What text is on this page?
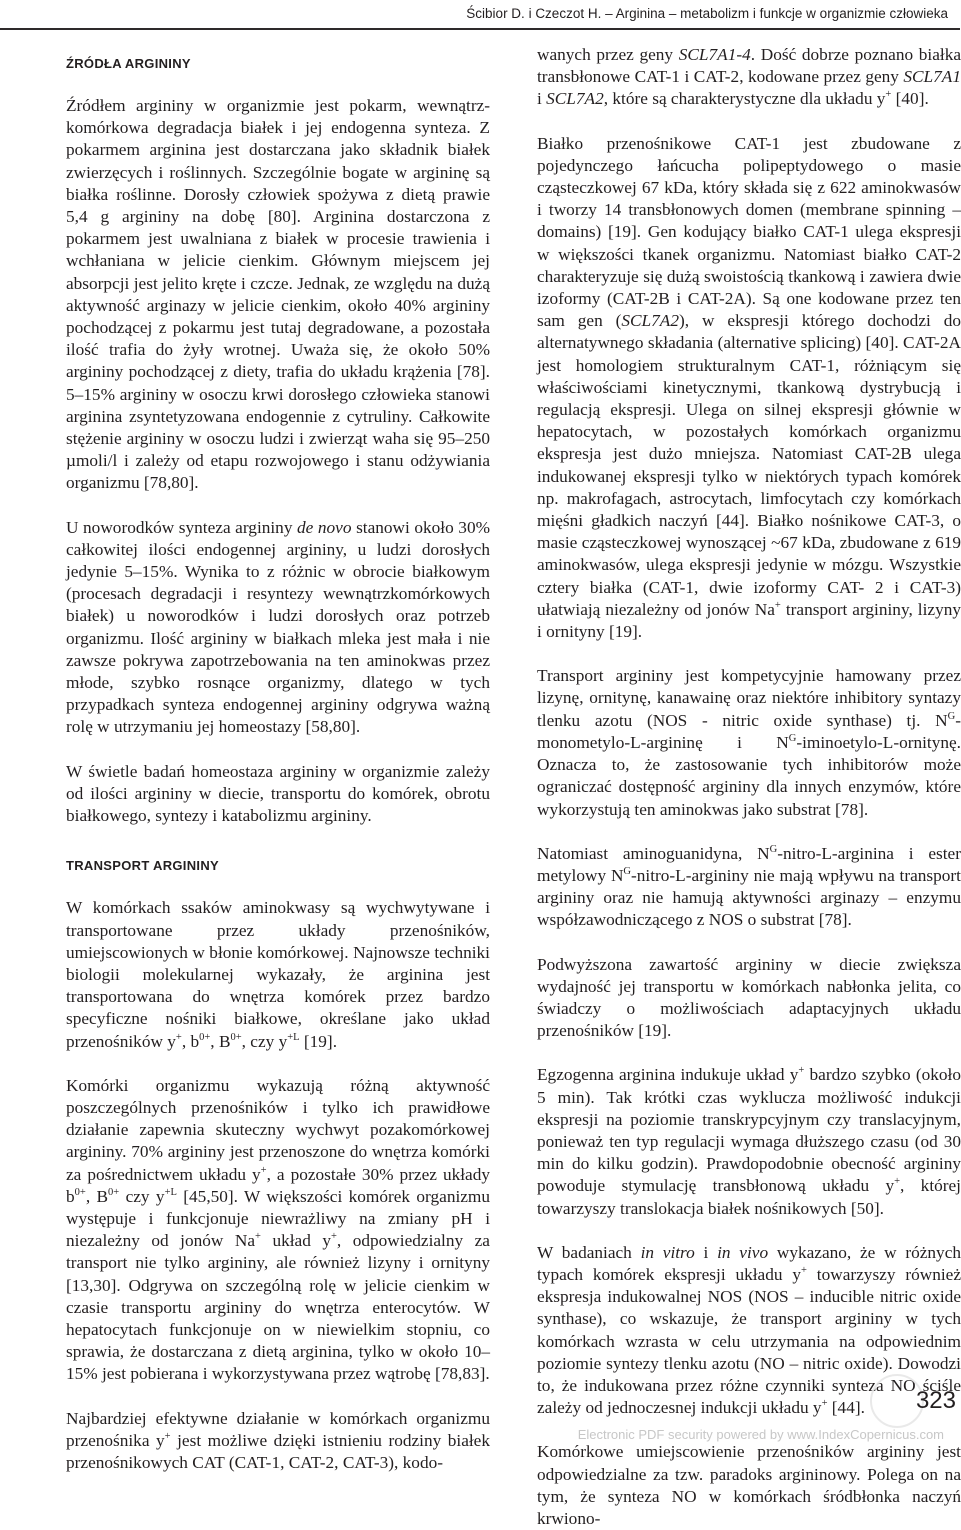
Ścibior D. i Czeczot H. – Arginina – metabolizm i funkcje w organizmie człowieka
ŹRÓDŁA ARGININY

Źródłem argininy w organizmie jest pokarm, wewnątrz-komórkowa degradacja białek i jej endogenna synteza. Z pokarmem arginina jest dostarczana jako składnik białek zwierzęcych i roślinnych. Szczególnie bogate w argininę są białka roślinne. Dorosły człowiek spożywa z dietą prawie 5,4 g argininy na dobę [80]. Arginina dostarczona z pokarmem jest uwalniana z białek w procesie trawienia i wchłaniana w jelicie cienkim. Głównym miejscem jej absorpcji jest jelito kręte i czcze. Jednak, ze względu na dużą aktywność arginazy w jelicie cienkim, około 40% argininy pochodzącej z pokarmu jest tutaj degradowane, a pozostała ilość trafia do żyły wrotnej. Uważa się, że około 50% argininy pochodzącej z diety, trafia do układu krążenia [78]. 5–15% argininy w osoczu krwi dorosłego człowieka stanowi arginina zsyntetyzowana endogennie z cytruliny. Całkowite stężenie argininy w osoczu ludzi i zwierząt waha się 95–250 µmoli/l i zależy od etapu rozwojowego i stanu odżywiania organizmu [78,80].

U noworodków synteza argininy de novo stanowi około 30% całkowitej ilości endogennej argininy, u ludzi dorosłych jedynie 5–15%. Wynika to z różnic w obrocie białkowym (procesach degradacji i resyntezy wewnątrzkomórkowych białek) u noworodków i ludzi dorosłych oraz potrzeb organizmu. Ilość argininy w białkach mleka jest mała i nie zawsze pokrywa zapotrzebowania na ten aminokwas przez młode, szybko rosnące organizmy, dlatego w tych przypadkach synteza endogennej argininy odgrywa ważną rolę w utrzymaniu jej homeostazy [58,80].

W świetle badań homeostaza argininy w organizmie zależy od ilości argininy w diecie, transportu do komórek, obrotu białkowego, syntezy i katabolizmu argininy.

TRANSPORT ARGININY

W komórkach ssaków aminokwasy są wychwytywane i transportowane przez układy przenośników, umiejscowionych w błonie komórkowej. Najnowsze techniki biologii molekularnej wykazały, że arginina jest transportowana do wnętrza komórek przez bardzo specyficzne nośniki białkowe, określane jako układ przenośników y+, $b^{0+}$, $B^{0+}$, czy $y^{+L}$ [19].

Komórki organizmu wykazują różną aktywność poszczególnych przenośników i tylko ich prawidłowe działanie zapewnia skuteczny wychwyt pozakomórkowej argininy. 70% argininy jest przenoszone do wnętrza komórki za pośrednictwem układu y+, a pozostałe 30% przez układy $b^{0+}$, $B^{0+}$ czy $y^{+L}$ [45,50]. W większości komórek organizmu występuje i funkcjonuje niewrażliwy na zmiany pH i niezależny od jonów Na+ układ y+, odpowiedzialny za transport nie tylko argininy, ale również lizyny i ornityny [13,30]. Odgrywa on szczególną rolę w jelicie cienkim w czasie transportu argininy do wnętrza enterocytów. W hepatocytach funkcjonuje on w niewielkim stopniu, co sprawia, że dostarczana z dietą arginina, tylko w około 10–15% jest pobierana i wykorzystywana przez wątrobę [78,83].

Najbardziej efektywne działanie w komórkach organizmu przenośnika y+ jest możliwe dzięki istnieniu rodziny białek przenośnikowych CAT (CAT-1, CAT-2, CAT-3), kodo-

wanych przez geny SCL7A1-4. Dość dobrze poznano białka transbłonowe CAT-1 i CAT-2, kodowane przez geny SCL7A1 i SCL7A2, które są charakterystyczne dla układu y+ [40].

Białko przenośnikowe CAT-1 jest zbudowane z pojedynczego łańcucha polipeptydowego o masie cząsteczkowej 67 kDa, który składa się z 622 aminokwasów i tworzy 14 transbłonowych domen (membrane spinning – domains) [19]. Gen kodujący białko CAT-1 ulega ekspresji w większości tkanek organizmu. Natomiast białko CAT-2 charakteryzuje się dużą swoistością tkankową i zawiera dwie izoformy (CAT-2B i CAT-2A). Są one kodowane przez ten sam gen (SCL7A2), w ekspresji którego dochodzi do alternatywnego składania (alternative splicing) [40]. CAT-2A jest homologiem strukturalnym CAT-1, różniącym się właściwościami kinetycznymi, tkankową dystrybucją i regulacją ekspresji. Ulega on silnej ekspresji głównie w hepatocytach, w pozostałych komórkach organizmu ekspresja jest dużo mniejsza. Natomiast CAT-2B ulega indukowanej ekspresji tylko w niektórych typach komórek np. makrofagach, astrocytach, limfocytach czy komórkach mięśni gładkich naczyń [44]. Białko nośnikowe CAT-3, o masie cząsteczkowej wynoszącej ~67 kDa, zbudowane z 619 aminokwasów, ulega ekspresji jedynie w mózgu. Wszystkie cztery białka (CAT-1, dwie izoformy CAT- 2 i CAT-3) ułatwiają niezależny od jonów Na+ transport argininy, lizyny i ornityny [19].

Transport argininy jest kompetycyjnie hamowany przez lizynę, ornitynę, kanawainę oraz niektóre inhibitory syntazy tlenku azotu (NOS - nitric oxide synthase) tj. $N^G-monometylo-L$-argininę i $N^G-iminoetylo-L$-ornitynę. Oznacza to, że zastosowanie tych inhibitorów może ograniczać dostępność argininy dla innych enzymów, które wykorzystują ten aminokwas jako substrat [78].

Natomiast aminoguanidyna, $N^G-nitro-L$-arginina i ester metylowy $N^G-nitro-L$-argininy nie mają wpływu na transport argininy oraz nie hamują aktywności arginazy – enzymu współzawodniczącego z NOS o substrat [78].

Podwyższona zawartość argininy w diecie zwiększa wydajność jej transportu w komórkach nabłonka jelita, co świadczy o możliwościach adaptacyjnych układu przenośników [19].

Egzogenna arginina indukuje układ y+ bardzo szybko (około 5 min). Tak krótki czas wyklucza możliwość indukcji ekspresji na poziomie transkrypcyjnym czy translacyjnym, ponieważ ten typ regulacji wymaga dłuższego czasu (od 30 min do kilku godzin). Prawdopodobnie obecność argininy powoduje stymulację transbłonową układu y+, której towarzyszy translokacja białek nośnikowych [50].

W badaniach in vitro i in vivo wykazano, że w różnych typach komórek ekspresji układu y+ towarzyszy również ekspresja indukowalnej NOS (NOS – inducible nitric oxide synthase), co wskazuje, że transport argininy w tych komórkach wzrasta w celu utrzymania na odpowiednim poziomie syntezy tlenku azotu (NO – nitric oxide). Dowodzi to, że indukowana przez różne czynniki synteza NO ściśle zależy od jednoczesnej indukcji układu y+ [44].

Komórkowe umiejscowienie przenośników argininy jest odpowiedzialne za tzw. paradoks argininowy. Polega on na tym, że synteza NO w komórkach śródbłonka naczyń krwiono-

323
Electronic PDF security powered by www.IndexCopernicus.com
